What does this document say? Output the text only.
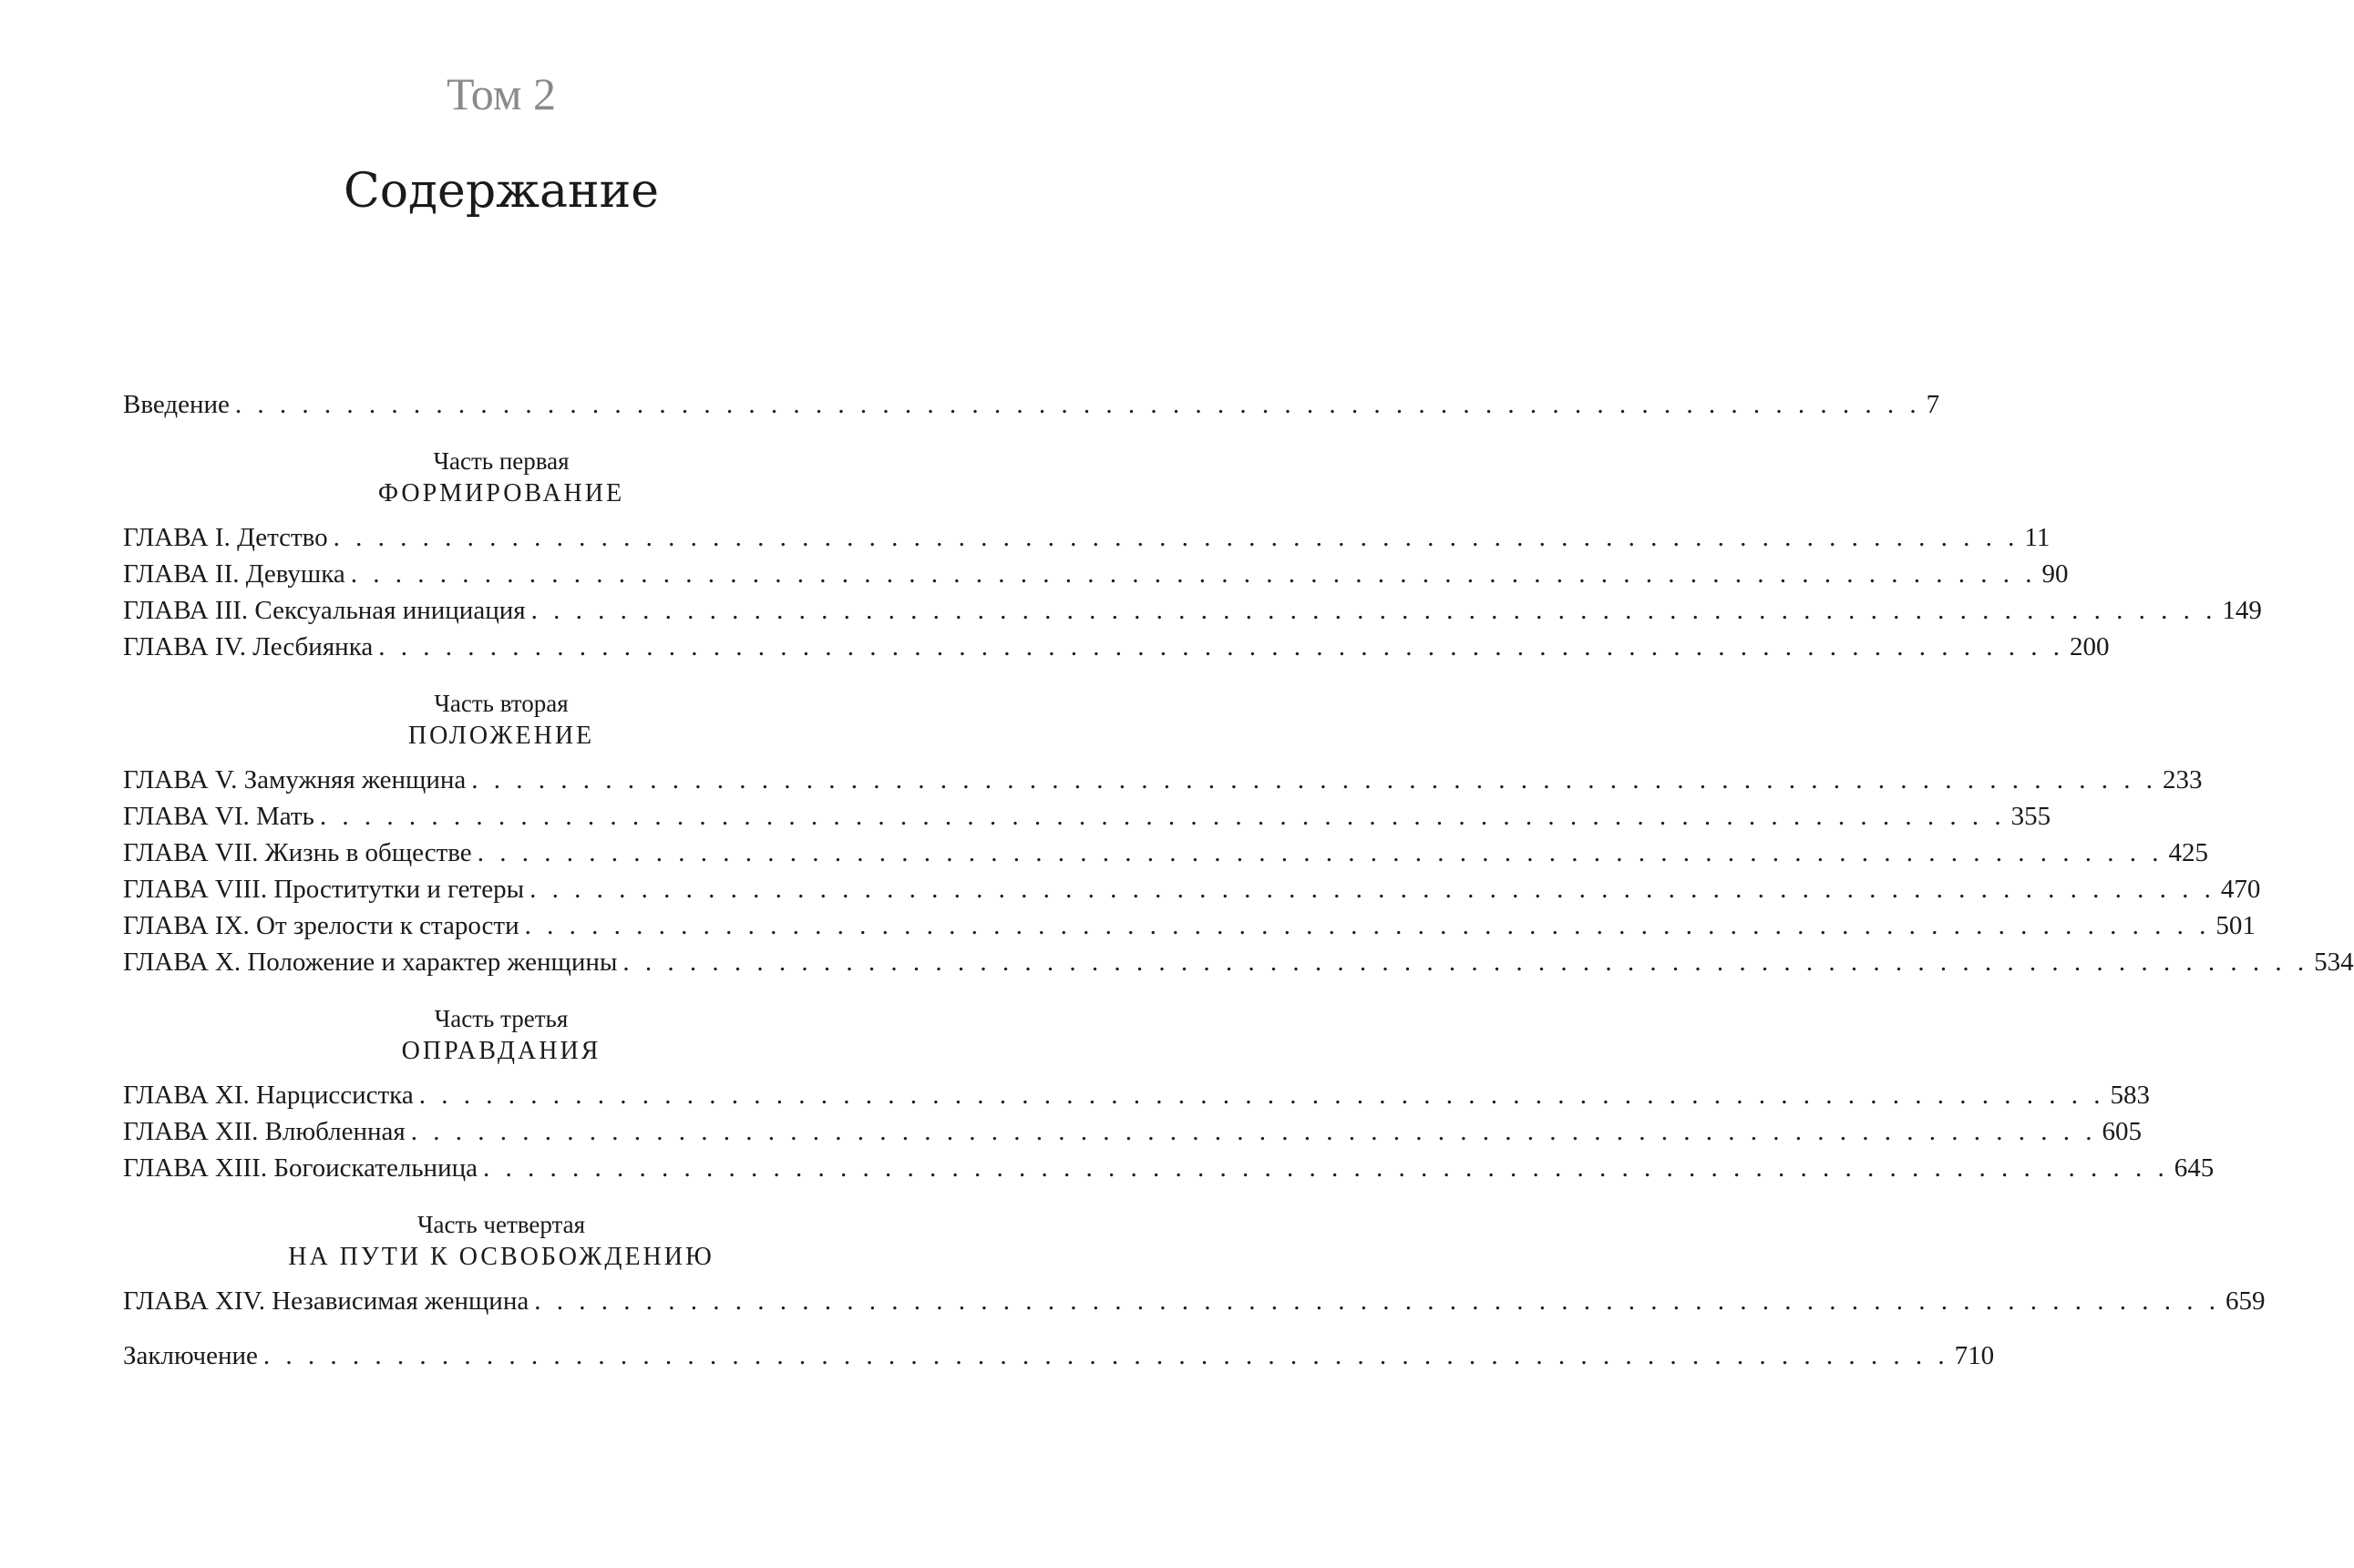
Том 2
Содержание
Введение . . . . . . . . . . . . . . . . . . . . . . . . . . . . . . . . . . . . . . . . . . . . . . . . . . . . . . . . . . . . . . . . . . . . . . . . . . . . 7
Часть первая
ФОРМИРОВАНИЕ
ГЛАВА I. Детство . . . . . . . . . . . . . . . . . . . . . . . . . . . . . . . . . . . . . . . . . . . . . . . . . . . . . . . . . . . . . . . . . . . . . . . . . . . . 11
ГЛАВА II. Девушка . . . . . . . . . . . . . . . . . . . . . . . . . . . . . . . . . . . . . . . . . . . . . . . . . . . . . . . . . . . . . . . . . . . . . . . . . . . . 90
ГЛАВА III. Сексуальная инициация . . . . . . . . . . . . . . . . . . . . . . . . . . . . . . . . . . . . . . . . . . . . . . . . . . . . . . . . . . . . . . . . . . . . . . . . . . . . 149
ГЛАВА IV. Лесбиянка . . . . . . . . . . . . . . . . . . . . . . . . . . . . . . . . . . . . . . . . . . . . . . . . . . . . . . . . . . . . . . . . . . . . . . . . . . . . 200
Часть вторая
ПОЛОЖЕНИЕ
ГЛАВА V. Замужняя женщина . . . . . . . . . . . . . . . . . . . . . . . . . . . . . . . . . . . . . . . . . . . . . . . . . . . . . . . . . . . . . . . . . . . . . . . . . . . . 233
ГЛАВА VI. Мать . . . . . . . . . . . . . . . . . . . . . . . . . . . . . . . . . . . . . . . . . . . . . . . . . . . . . . . . . . . . . . . . . . . . . . . . . . . . 355
ГЛАВА VII. Жизнь в обществе . . . . . . . . . . . . . . . . . . . . . . . . . . . . . . . . . . . . . . . . . . . . . . . . . . . . . . . . . . . . . . . . . . . . . . . . . . . . 425
ГЛАВА VIII. Проститутки и гетеры . . . . . . . . . . . . . . . . . . . . . . . . . . . . . . . . . . . . . . . . . . . . . . . . . . . . . . . . . . . . . . . . . . . . . . . . . . . . 470
ГЛАВА IX. От зрелости к старости . . . . . . . . . . . . . . . . . . . . . . . . . . . . . . . . . . . . . . . . . . . . . . . . . . . . . . . . . . . . . . . . . . . . . . . . . . . . 501
ГЛАВА X. Положение и характер женщины . . . . . . . . . . . . . . . . . . . . . . . . . . . . . . . . . . . . . . . . . . . . . . . . . . . . . . . . . . . . . . . . . . . . . . . . . . . . 534
Часть третья
ОПРАВДАНИЯ
ГЛАВА XI. Нарциссистка . . . . . . . . . . . . . . . . . . . . . . . . . . . . . . . . . . . . . . . . . . . . . . . . . . . . . . . . . . . . . . . . . . . . . . . . . . . . 583
ГЛАВА XII. Влюбленная . . . . . . . . . . . . . . . . . . . . . . . . . . . . . . . . . . . . . . . . . . . . . . . . . . . . . . . . . . . . . . . . . . . . . . . . . . . . 605
ГЛАВА XIII. Богоискательница . . . . . . . . . . . . . . . . . . . . . . . . . . . . . . . . . . . . . . . . . . . . . . . . . . . . . . . . . . . . . . . . . . . . . . . . . . . . 645
Часть четвертая
НА ПУТИ К ОСВОБОЖДЕНИЮ
ГЛАВА XIV. Независимая женщина . . . . . . . . . . . . . . . . . . . . . . . . . . . . . . . . . . . . . . . . . . . . . . . . . . . . . . . . . . . . . . . . . . . . . . . . . . . . 659
Заключение . . . . . . . . . . . . . . . . . . . . . . . . . . . . . . . . . . . . . . . . . . . . . . . . . . . . . . . . . . . . . . . . . . . . . . . . . . . . 710
